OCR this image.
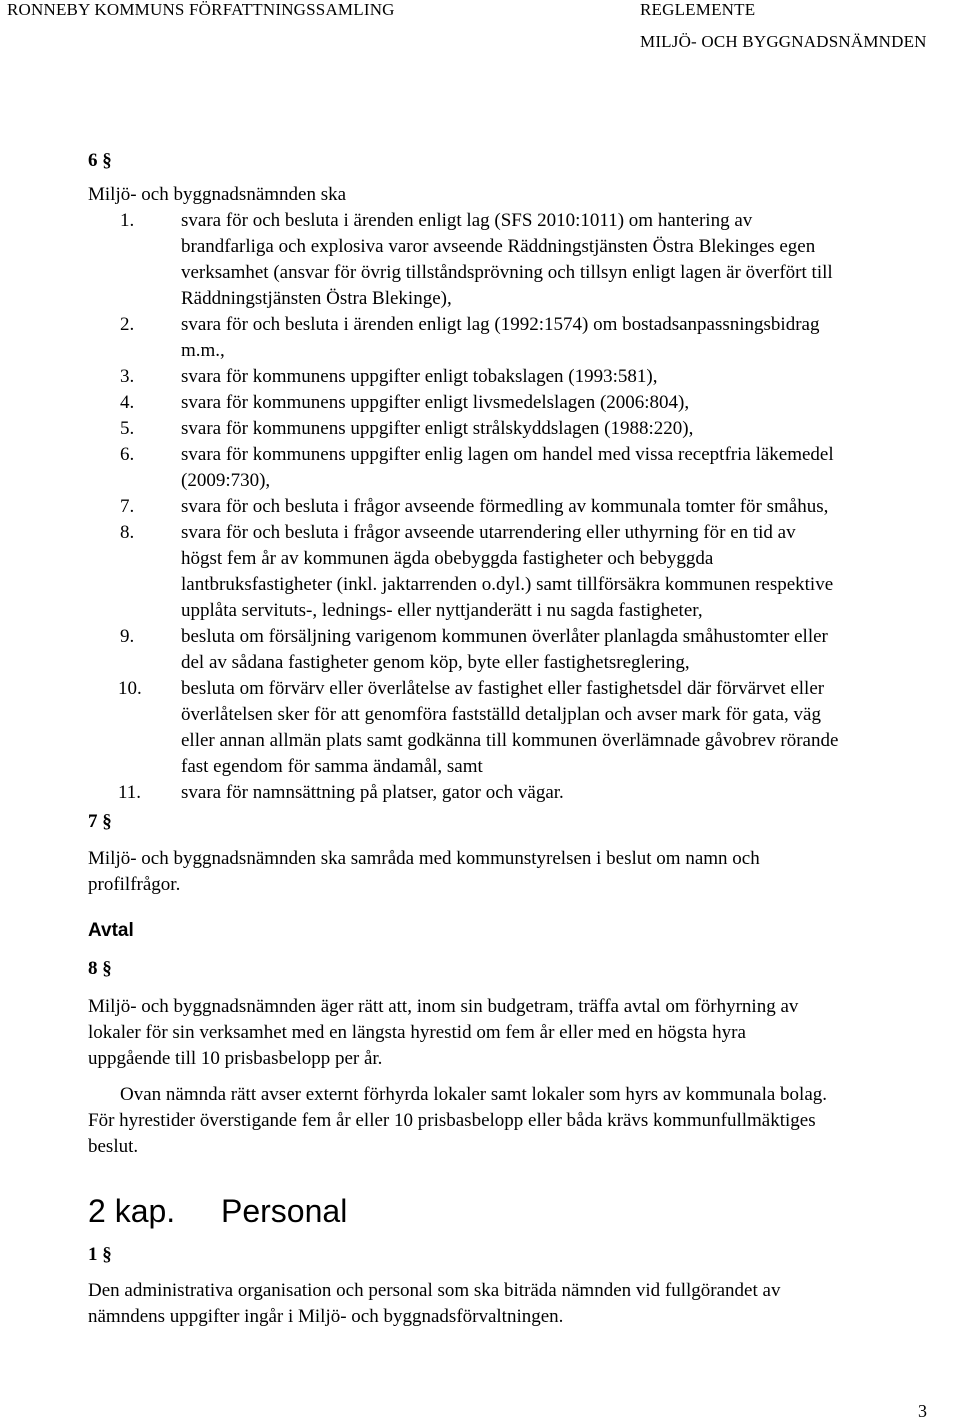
RONNEBY KOMMUNS FÖRFATTNINGSSAMLING	REGLEMENTE
MILJÖ- OCH BYGGNADSNÄMNDEN
6 §
Miljö- och byggnadsnämnden ska
1. svara för och besluta i ärenden enligt lag (SFS 2010:1011) om hantering av
brandfarliga och explosiva varor avseende Räddningstjänsten Östra Blekinges egen
verksamhet (ansvar för övrig tillståndsprövning och tillsyn enligt lagen är överfört till
Räddningstjänsten Östra Blekinge),
2. svara för och besluta i ärenden enligt lag (1992:1574) om bostadsanpassningsbidrag
m.m.,
3. svara för kommunens uppgifter enligt tobakslagen (1993:581),
4. svara för kommunens uppgifter enligt livsmedelslagen (2006:804),
5. svara för kommunens uppgifter enligt strålskyddslagen (1988:220),
6. svara för kommunens uppgifter enlig lagen om handel med vissa receptfria läkemedel
(2009:730),
7. svara för och besluta i frågor avseende förmedling av kommunala tomter för småhus,
8. svara för och besluta i frågor avseende utarrendering eller uthyrning för en tid av
högst fem år av kommunen ägda obebyggda fastigheter och bebyggda
lantbruksfastigheter (inkl. jaktarrenden o.dyl.) samt tillförsäkra kommunen respektive
upplåta servituts-, lednings- eller nyttjanderätt i nu sagda fastigheter,
9. besluta om försäljning varigenom kommunen överlåter planlagda småhustomter eller
del av sådana fastigheter genom köp, byte eller fastighetsreglering,
10. besluta om förvärv eller överlåtelse av fastighet eller fastighetsdel där förvärvet eller
överlåtelsen sker för att genomföra fastställd detaljplan och avser mark för gata, väg
eller annan allmän plats samt godkänna till kommunen överlämnade gåvobrev rörande
fast egendom för samma ändamål, samt
11. svara för namnsättning på platser, gator och vägar.
7 §
Miljö- och byggnadsnämnden ska samråda med kommunstyrelsen i beslut om namn och
profilfrågor.
Avtal
8 §
Miljö- och byggnadsnämnden äger rätt att, inom sin budgetram, träffa avtal om förhyrning av
lokaler för sin verksamhet med en längsta hyrestid om fem år eller med en högsta hyra
uppgående till 10 prisbasbelopp per år.
Ovan nämnda rätt avser externt förhyrda lokaler samt lokaler som hyrs av kommunala bolag.
För hyrestider överstigande fem år eller 10 prisbasbelopp eller båda krävs kommunfullmäktiges
beslut.
2 kap. Personal
1 §
Den administrativa organisation och personal som ska biträda nämnden vid fullgörandet av
nämndens uppgifter ingår i Miljö- och byggnadsförvaltningen.
3
